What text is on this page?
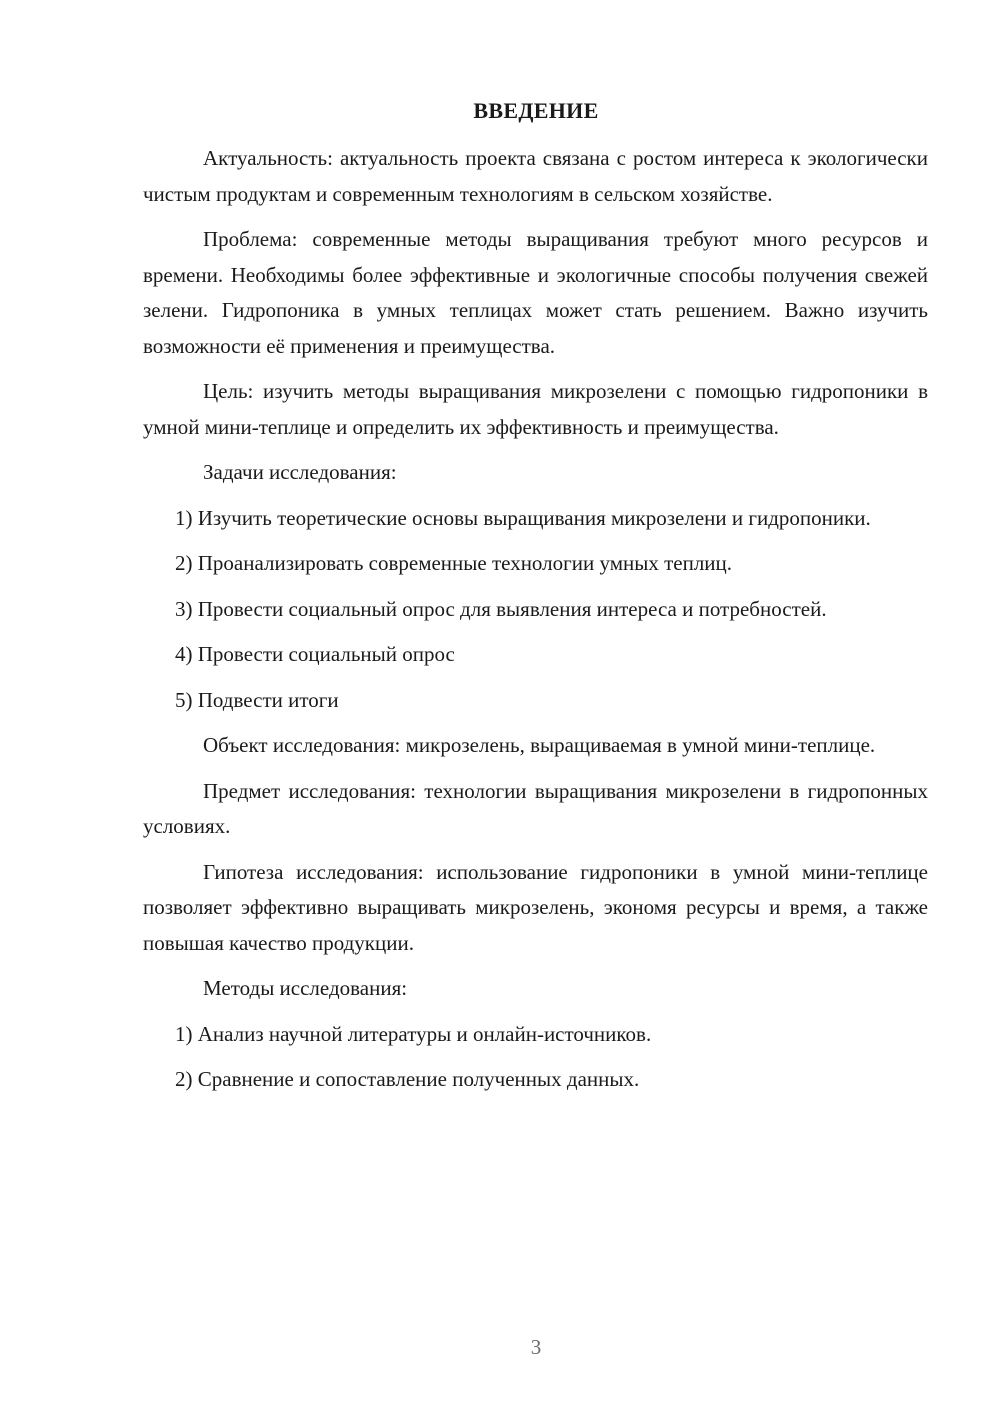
ВВЕДЕНИЕ

Актуальность: актуальность проекта связана с ростом интереса к экологически чистым продуктам и современным технологиям в сельском хозяйстве.

Проблема: современные методы выращивания требуют много ресурсов и времени. Необходимы более эффективные и экологичные способы получения свежей зелени. Гидропоника в умных теплицах может стать решением. Важно изучить возможности её применения и преимущества.

Цель: изучить методы выращивания микрозелени с помощью гидропоники в умной мини-теплице и определить их эффективность и преимущества.

Задачи исследования:

1) Изучить теоретические основы выращивания микрозелени и гидропоники.

2) Проанализировать современные технологии умных теплиц.

3) Провести социальный опрос для выявления интереса и потребностей.

4) Провести социальный опрос

5) Подвести итоги

Объект исследования: микрозелень, выращиваемая в умной мини-теплице.

Предмет исследования: технологии выращивания микрозелени в гидропонных условиях.

Гипотеза исследования: использование гидропоники в умной мини-теплице позволяет эффективно выращивать микрозелень, экономя ресурсы и время, а также повышая качество продукции.

Методы исследования:

1) Анализ научной литературы и онлайн-источников.

2) Сравнение и сопоставление полученных данных.

3
